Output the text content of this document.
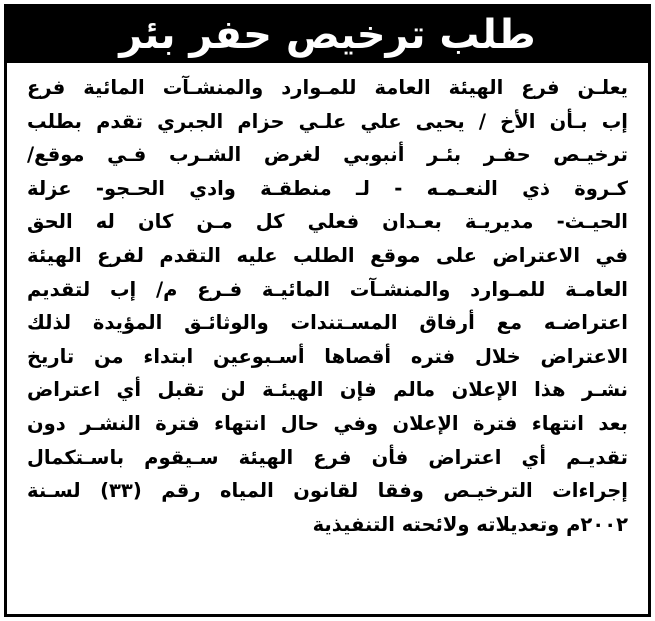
طلب ترخيص حفر بئر
يعلـن فرع الهيئة العامة للمـوارد والمنشـآت المائية فرع
إب بـأن الأخ / يحيى علي علـي حزام الجبري تقدم بطلب
ترخيـص حفـر بئـر أنبوبي لغرض الشـرب فـي موقع/
كـروة ذي النعـمـه - لـ منطقـة وادي الحـجو- عزلة
الحيـث- مديريـة بعـدان فعلي كل مـن كان له الحق
في الاعتراض على موقع الطلب عليه التقدم لفرع الهيئة
العامـة للمـوارد والمنشـآت المائيـة فـرع م/ إب لتقديم
اعتراضـه مع أرفاق المسـتندات والوثائـق المؤيدة لذلك
الاعتراض خلال فتره أقصاها أسـبوعين ابتداء من تاريخ
نشـر هذا الإعلان مالم فإن الهيئـة لن تقبل أي اعتراض
بعد انتهاء فترة الإعلان وفي حال انتهاء فترة النشـر دون
تقديـم أي اعتراض فأن فرع الهيئة سـيقوم باسـتكمال
إجراءات الترخيـص وفقا لقانون المياه رقم (٣٣) لسـنة
٢٠٠٢م وتعديلاته ولائحته التنفيذية
